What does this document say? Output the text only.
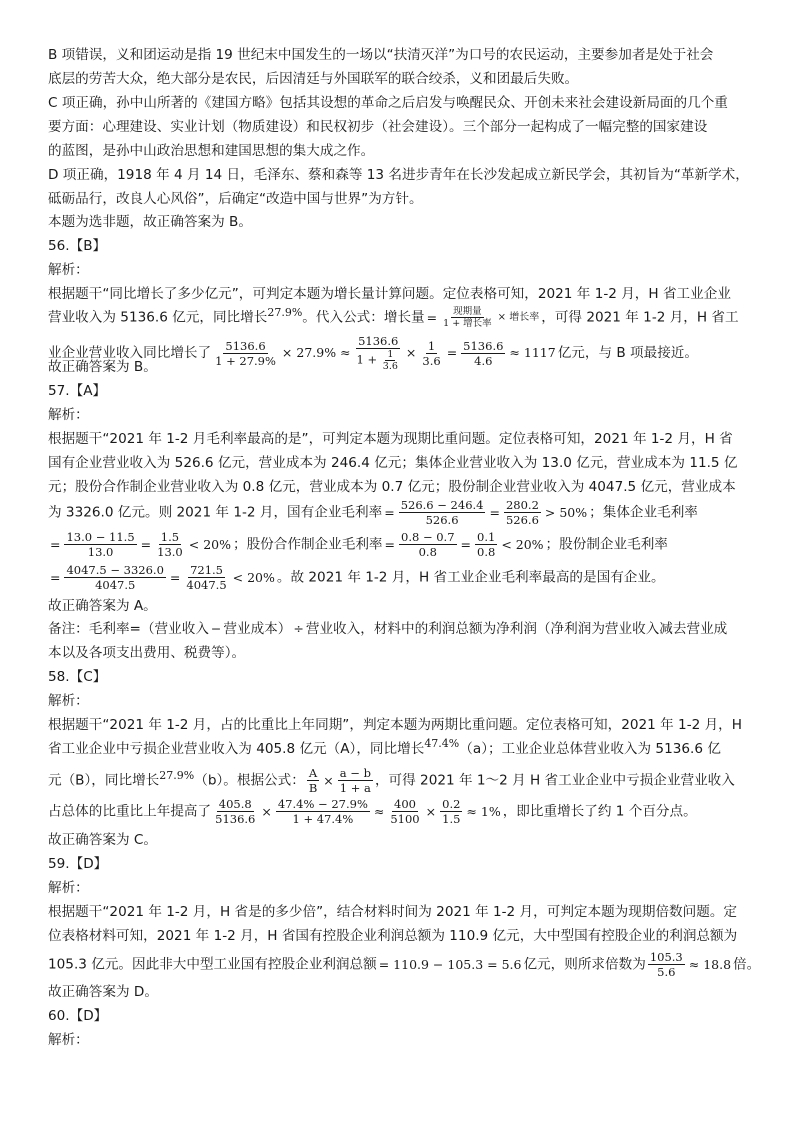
B 项错误，义和团运动是指 19 世纪末中国发生的一场以“扶清灭洋”为口号的农民运动，主要参加者是处于社会
底层的劳苦大众，绝大部分是农民，后因清廷与外国联军的联合绞杀，义和团最后失败。
C 项正确，孙中山所著的《建国方略》包括其设想的革命之后启发与唤醒民众、开创未来社会建设新局面的几个重
要方面：心理建设、实业计划（物质建设）和民权初步（社会建设）。三个部分一起构成了一幅完整的国家建设
的蓝图，是孙中山政治思想和建国思想的集大成之作。
D 项正确，1918 年 4 月 14 日，毛泽东、蔡和森等 13 名进步青年在长沙发起成立新民学会，其初旨为“革新学术，
砥砺品行，改良人心风俗”，后确定“改造中国与世界”为方针。
本题为选非题，故正确答案为 B。
56.【B】
解析：
根据题干“同比增长了多少亿元”，可判定本题为增长量计算问题。定位表格可知，2021 年 1-2 月，H 省工业企业
营业收入为 5136.6 亿元，同比增长$^{27.9\%}$。代入公式：增长量 = 现期量
1 + 增长率
× 增长率 ，可得 2021 年 1-2 月，H 省工
业企业营业收入同比增长了 $\frac{5136.6}{1 + 27.9\%} \times 27.9\% \approx \frac{5136.6}{1 + \frac{1}{3.6}} \times \frac{1}{3.6} = \frac{5136.6}{4.6} \approx 1117$ 亿元，与 B 项最接近。
故正确答案为 B。
57.【A】
解析：
根据题干“2021 年 1-2 月毛利率最高的是”，可判定本题为现期比重问题。定位表格可知，2021 年 1-2 月，H 省
国有企业营业收入为 526.6 亿元，营业成本为 246.4 亿元；集体企业营业收入为 13.0 亿元，营业成本为 11.5 亿
元；股份合作制企业营业收入为 0.8 亿元，营业成本为 0.7 亿元；股份制企业营业收入为 4047.5 亿元，营业成本
为 3326.0 亿元。则 2021 年 1-2 月，国有企业毛利率 = $\frac{526.6 - 246.4}{526.6} = \frac{280.2}{526.6} > 50\%$ ；集体企业毛利率
= $\frac{13.0 - 11.5}{13.0} = \frac{1.5}{13.0} < 20\%$ ；股份合作制企业毛利率 = $\frac{0.8 - 0.7}{0.8} = \frac{0.1}{0.8} < 20\%$ ；股份制企业毛利率
= $\frac{4047.5 - 3326.0}{4047.5} = \frac{721.5}{4047.5} < 20\%$ 。故 2021 年 1-2 月，H 省工业企业毛利率最高的是国有企业。
故正确答案为 A。
备注：毛利率=（营业收入 − 营业成本） ÷ 营业收入，材料中的利润总额为净利润（净利润为营业收入减去营业成
本以及各项支出费用、税费等）。
58.【C】
解析：
根据题干“2021 年 1-2 月，占的比重比上年同期”，判定本题为两期比重问题。定位表格可知，2021 年 1-2 月，H
省工业企业中亏损企业营业收入为 405.8 亿元（A），同比增长$^{47.4\%}$（a）；工业企业总体营业收入为 5136.6 亿
元（B），同比增长$^{27.9\%}$（b）。根据公式： $\frac{A}{B} \times \frac{a - b}{1 + a}$ ，可得 2021 年 1～2 月 H 省工业企业中亏损企业营业收入
占总体的比重比上年提高了 $\frac{405.8}{5136.6} \times \frac{47.4\% - 27.9\%}{1 + 47.4\%} \approx \frac{400}{5100} \times \frac{0.2}{1.5} \approx 1\%$ ，即比重增长了约 1 个百分点。
故正确答案为 C。
59.【D】
解析：
根据题干“2021 年 1-2 月，H 省是的多少倍”，结合材料时间为 2021 年 1-2 月，可判定本题为现期倍数问题。定
位表格材料可知，2021 年 1-2 月，H 省国有控股企业利润总额为 110.9 亿元，大中型国有控股企业的利润总额为
105.3 亿元。因此非大中型工业国有控股企业利润总额 = 110.9 − 105.3 = 5.6 亿元，则所求倍数为 $\frac{105.3}{5.6} \approx 18.8$ 倍。
故正确答案为 D。
60.【D】
解析：
